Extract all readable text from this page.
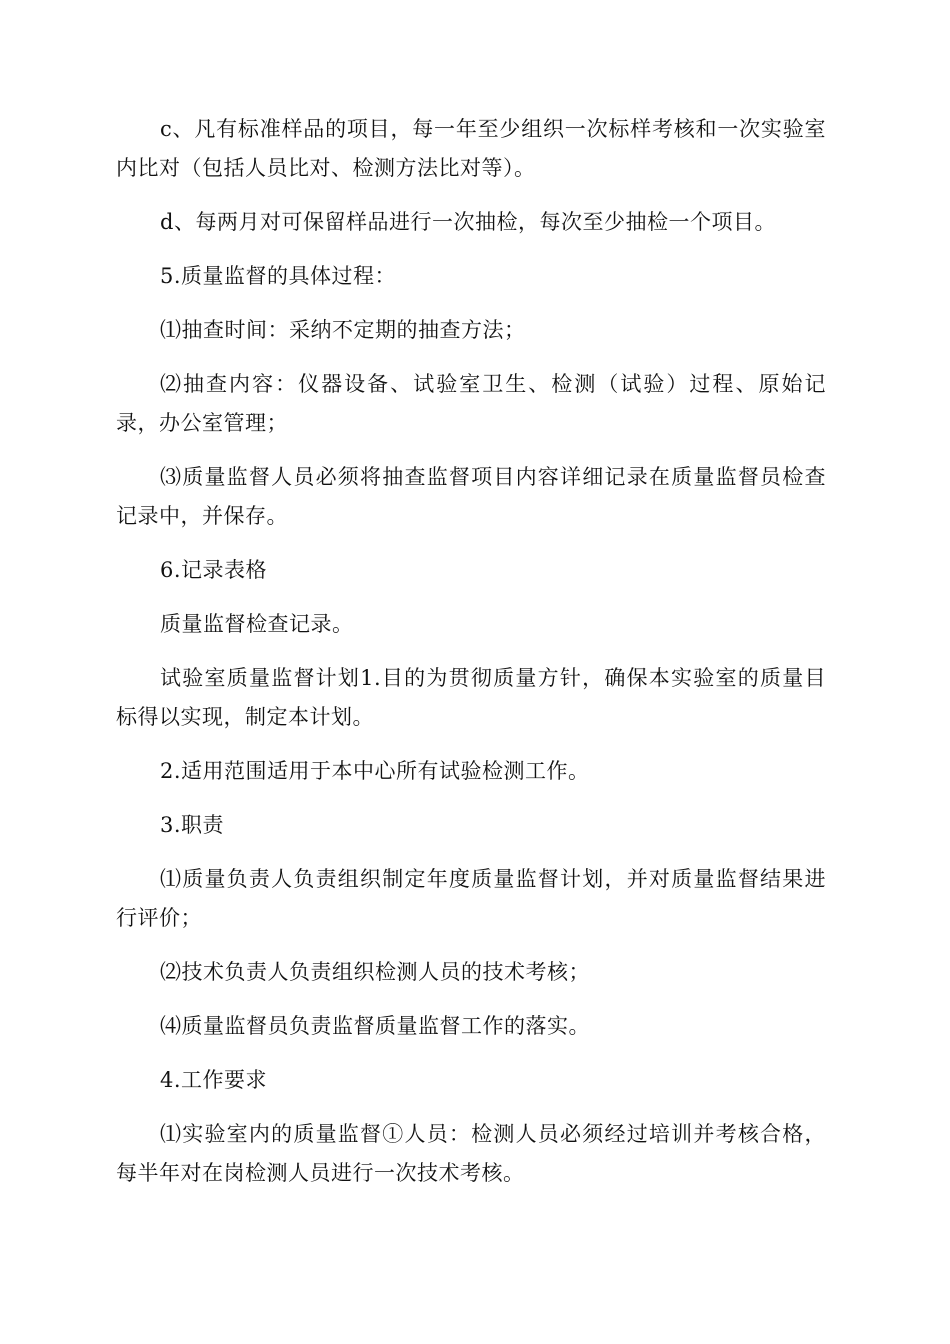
c、凡有标准样品的项目，每一年至少组织一次标样考核和一次实验室内比对（包括人员比对、检测方法比对等）。

d、每两月对可保留样品进行一次抽检，每次至少抽检一个项目。

5.质量监督的具体过程：

⑴抽查时间：采纳不定期的抽查方法；

⑵抽查内容：仪器设备、试验室卫生、检测（试验）过程、原始记录，办公室管理；

⑶质量监督人员必须将抽查监督项目内容详细记录在质量监督员检查记录中，并保存。

6.记录表格

质量监督检查记录。

试验室质量监督计划1.目的为贯彻质量方针，确保本实验室的质量目标得以实现，制定本计划。

2.适用范围适用于本中心所有试验检测工作。

3.职责

⑴质量负责人负责组织制定年度质量监督计划，并对质量监督结果进行评价；

⑵技术负责人负责组织检测人员的技术考核；

⑷质量监督员负责监督质量监督工作的落实。

4.工作要求

⑴实验室内的质量监督①人员：检测人员必须经过培训并考核合格，每半年对在岗检测人员进行一次技术考核。
